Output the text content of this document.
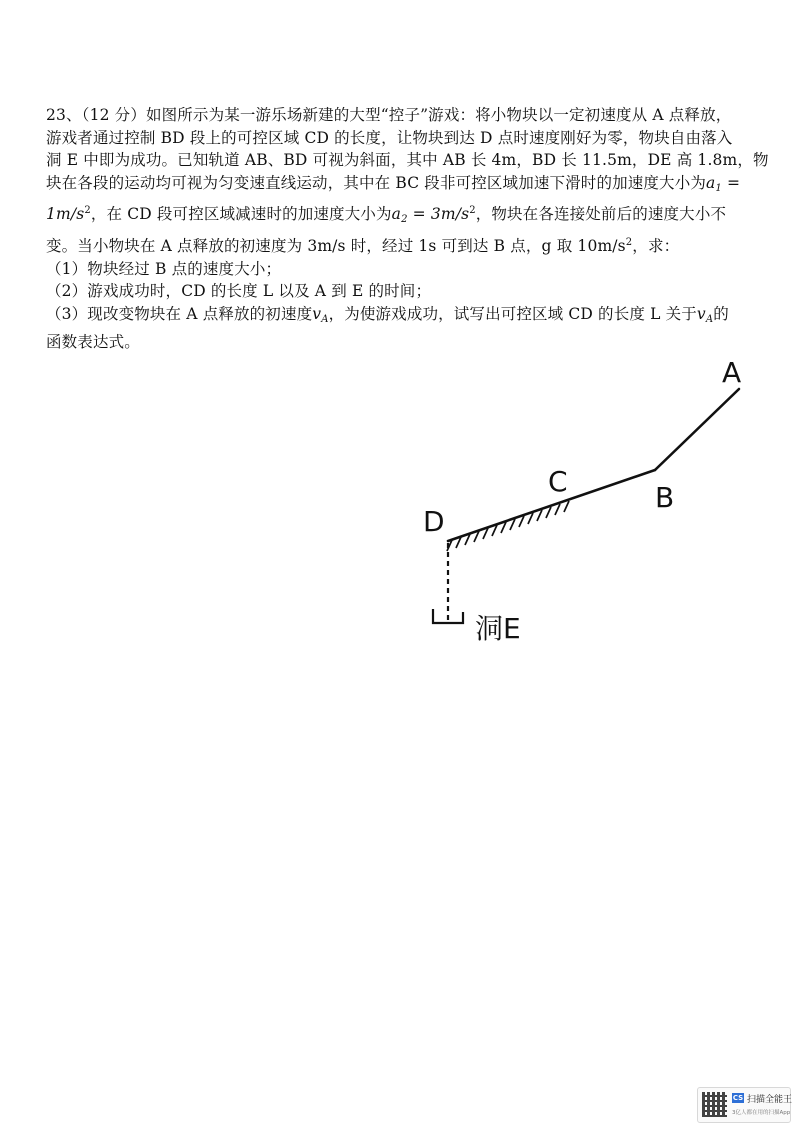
23、（12 分）如图所示为某一游乐场新建的大型“控子”游戏：将小物块以一定初速度从 A 点释放，

游戏者通过控制 BD 段上的可控区域 CD 的长度，让物块到达 D 点时速度刚好为零，物块自由落入

洞 E 中即为成功。已知轨道 AB、BD 可视为斜面，其中 AB 长 4m，BD 长 11.5m，DE 高 1.8m，物

块在各段的运动均可视为匀变速直线运动，其中在 BC 段非可控区域加速下滑时的加速度大小为$a_1$ =

$1m/s^2$，在 CD 段可控区域减速时的加速度大小为$a_2 = 3m/s^2$，物块在各连接处前后的速度大小不

变。当小物块在 A 点释放的初速度为 3m/s 时，经过 1s 可到达 B 点，g 取 $10m/s^2$，求：

（1）物块经过 B 点的速度大小；

（2）游戏成功时，CD 的长度 L 以及 A 到 E 的时间；

（3）现改变物块在 A 点释放的初速度$v_A$，为使游戏成功，试写出可控区域 CD 的长度 L 关于$v_A$的

函数表达式。

A
B
C
D
洞E
CS 扫描全能王
3亿人都在用的扫描App
